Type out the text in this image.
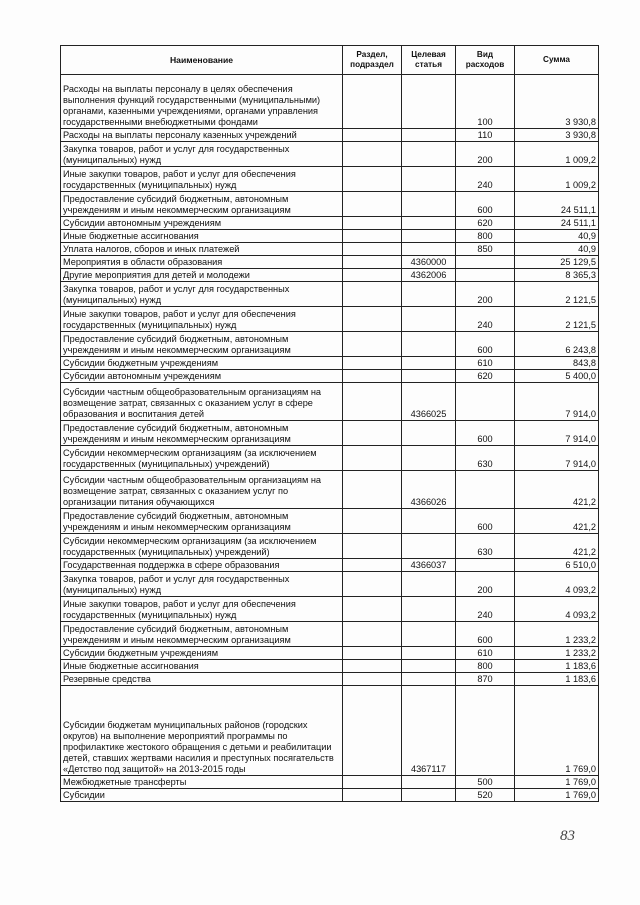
Наименование	Раздел, подраздел	Целевая статья	Вид расходов	Сумма
Расходы на выплаты персоналу в целях обеспечения выполнения функций государственными (муниципальными) органами, казенными учреждениями, органами управления государственными внебюджетными фондами			100	3 930,8
Расходы на выплаты персоналу казенных учреждений			110	3 930,8
Закупка товаров, работ и услуг для государственных (муниципальных) нужд			200	1 009,2
Иные закупки товаров, работ и услуг для обеспечения государственных (муниципальных) нужд			240	1 009,2
Предоставление субсидий бюджетным, автономным учреждениям и иным некоммерческим организациям			600	24 511,1
Субсидии автономным учреждениям			620	24 511,1
Иные бюджетные ассигнования			800	40,9
Уплата налогов, сборов и иных платежей			850	40,9
Мероприятия в области образования		4360000		25 129,5
Другие мероприятия для детей и молодежи		4362006		8 365,3
Закупка товаров, работ и услуг для государственных (муниципальных) нужд			200	2 121,5
Иные закупки товаров, работ и услуг для обеспечения государственных (муниципальных) нужд			240	2 121,5
Предоставление субсидий бюджетным, автономным учреждениям и иным некоммерческим организациям			600	6 243,8
Субсидии бюджетным учреждениям			610	843,8
Субсидии автономным учреждениям			620	5 400,0
Субсидии частным общеобразовательным организациям на возмещение затрат, связанных с оказанием услуг в сфере образования и воспитания детей		4366025		7 914,0
Предоставление субсидий бюджетным, автономным учреждениям и иным некоммерческим организациям			600	7 914,0
Субсидии некоммерческим организациям (за исключением государственных (муниципальных) учреждений)			630	7 914,0
Субсидии частным общеобразовательным организациям на возмещение затрат, связанных с оказанием услуг по организации питания обучающихся		4366026		421,2
Предоставление субсидий бюджетным, автономным учреждениям и иным некоммерческим организациям			600	421,2
Субсидии некоммерческим организациям (за исключением государственных (муниципальных) учреждений)			630	421,2
Государственная поддержка в сфере образования		4366037		6 510,0
Закупка товаров, работ и услуг для государственных (муниципальных) нужд			200	4 093,2
Иные закупки товаров, работ и услуг для обеспечения государственных (муниципальных) нужд			240	4 093,2
Предоставление субсидий бюджетным, автономным учреждениям и иным некоммерческим организациям			600	1 233,2
Субсидии бюджетным учреждениям			610	1 233,2
Иные бюджетные ассигнования			800	1 183,6
Резервные средства			870	1 183,6
Субсидии бюджетам муниципальных районов (городских округов) на выполнение мероприятий программы по профилактике жестокого обращения с детьми и реабилитации детей, ставших жертвами насилия и преступных посягательств «Детство под защитой» на 2013-2015 годы		4367117		1 769,0
Межбюджетные трансферты			500	1 769,0
Субсидии			520	1 769,0
83
